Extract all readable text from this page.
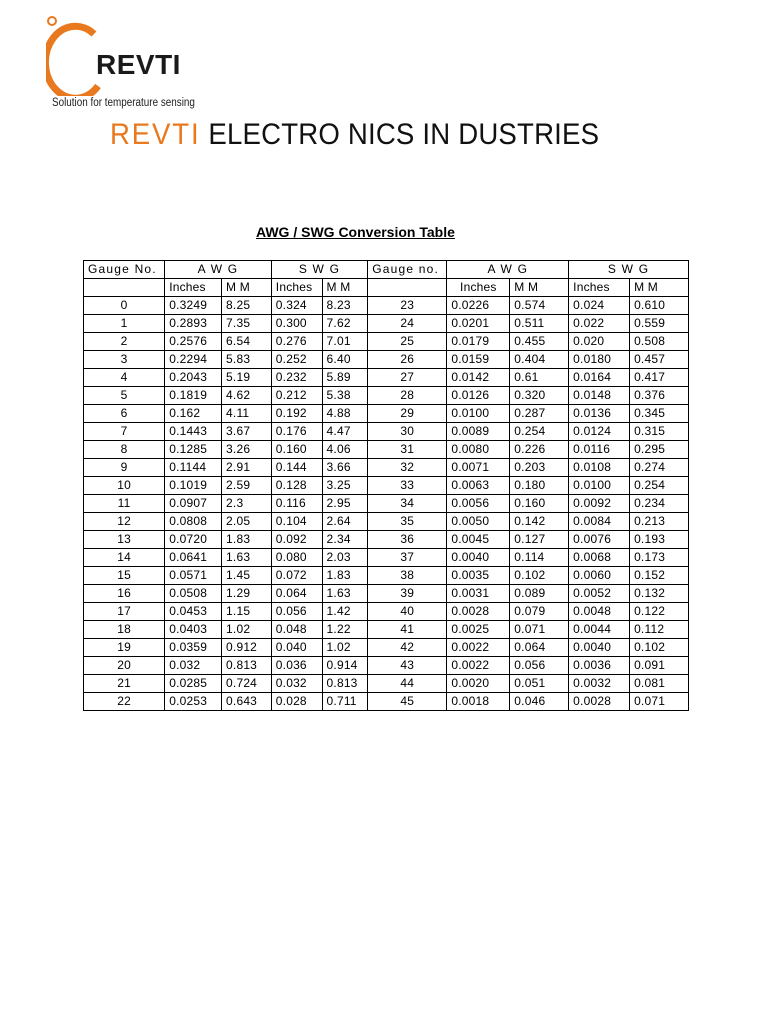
REVTI
Solution for temperature sensing
REVTI ELECTRO NICS IN DUSTRIES
AWG / SWG Conversion Table
Gauge No.	A W G		S W G		Gauge no.	A W G		S W G	
	Inches	M M	Inches	M M		Inches	M M	Inches	M M
0	0.3249	8.25	0.324	8.23	23	0.0226	0.574	0.024	0.610
1	0.2893	7.35	0.300	7.62	24	0.0201	0.511	0.022	0.559
2	0.2576	6.54	0.276	7.01	25	0.0179	0.455	0.020	0.508
3	0.2294	5.83	0.252	6.40	26	0.0159	0.404	0.0180	0.457
4	0.2043	5.19	0.232	5.89	27	0.0142	0.61	0.0164	0.417
5	0.1819	4.62	0.212	5.38	28	0.0126	0.320	0.0148	0.376
6	0.162	4.11	0.192	4.88	29	0.0100	0.287	0.0136	0.345
7	0.1443	3.67	0.176	4.47	30	0.0089	0.254	0.0124	0.315
8	0.1285	3.26	0.160	4.06	31	0.0080	0.226	0.0116	0.295
9	0.1144	2.91	0.144	3.66	32	0.0071	0.203	0.0108	0.274
10	0.1019	2.59	0.128	3.25	33	0.0063	0.180	0.0100	0.254
11	0.0907	2.3	0.116	2.95	34	0.0056	0.160	0.0092	0.234
12	0.0808	2.05	0.104	2.64	35	0.0050	0.142	0.0084	0.213
13	0.0720	1.83	0.092	2.34	36	0.0045	0.127	0.0076	0.193
14	0.0641	1.63	0.080	2.03	37	0.0040	0.114	0.0068	0.173
15	0.0571	1.45	0.072	1.83	38	0.0035	0.102	0.0060	0.152
16	0.0508	1.29	0.064	1.63	39	0.0031	0.089	0.0052	0.132
17	0.0453	1.15	0.056	1.42	40	0.0028	0.079	0.0048	0.122
18	0.0403	1.02	0.048	1.22	41	0.0025	0.071	0.0044	0.112
19	0.0359	0.912	0.040	1.02	42	0.0022	0.064	0.0040	0.102
20	0.032	0.813	0.036	0.914	43	0.0022	0.056	0.0036	0.091
21	0.0285	0.724	0.032	0.813	44	0.0020	0.051	0.0032	0.081
22	0.0253	0.643	0.028	0.711	45	0.0018	0.046	0.0028	0.071
